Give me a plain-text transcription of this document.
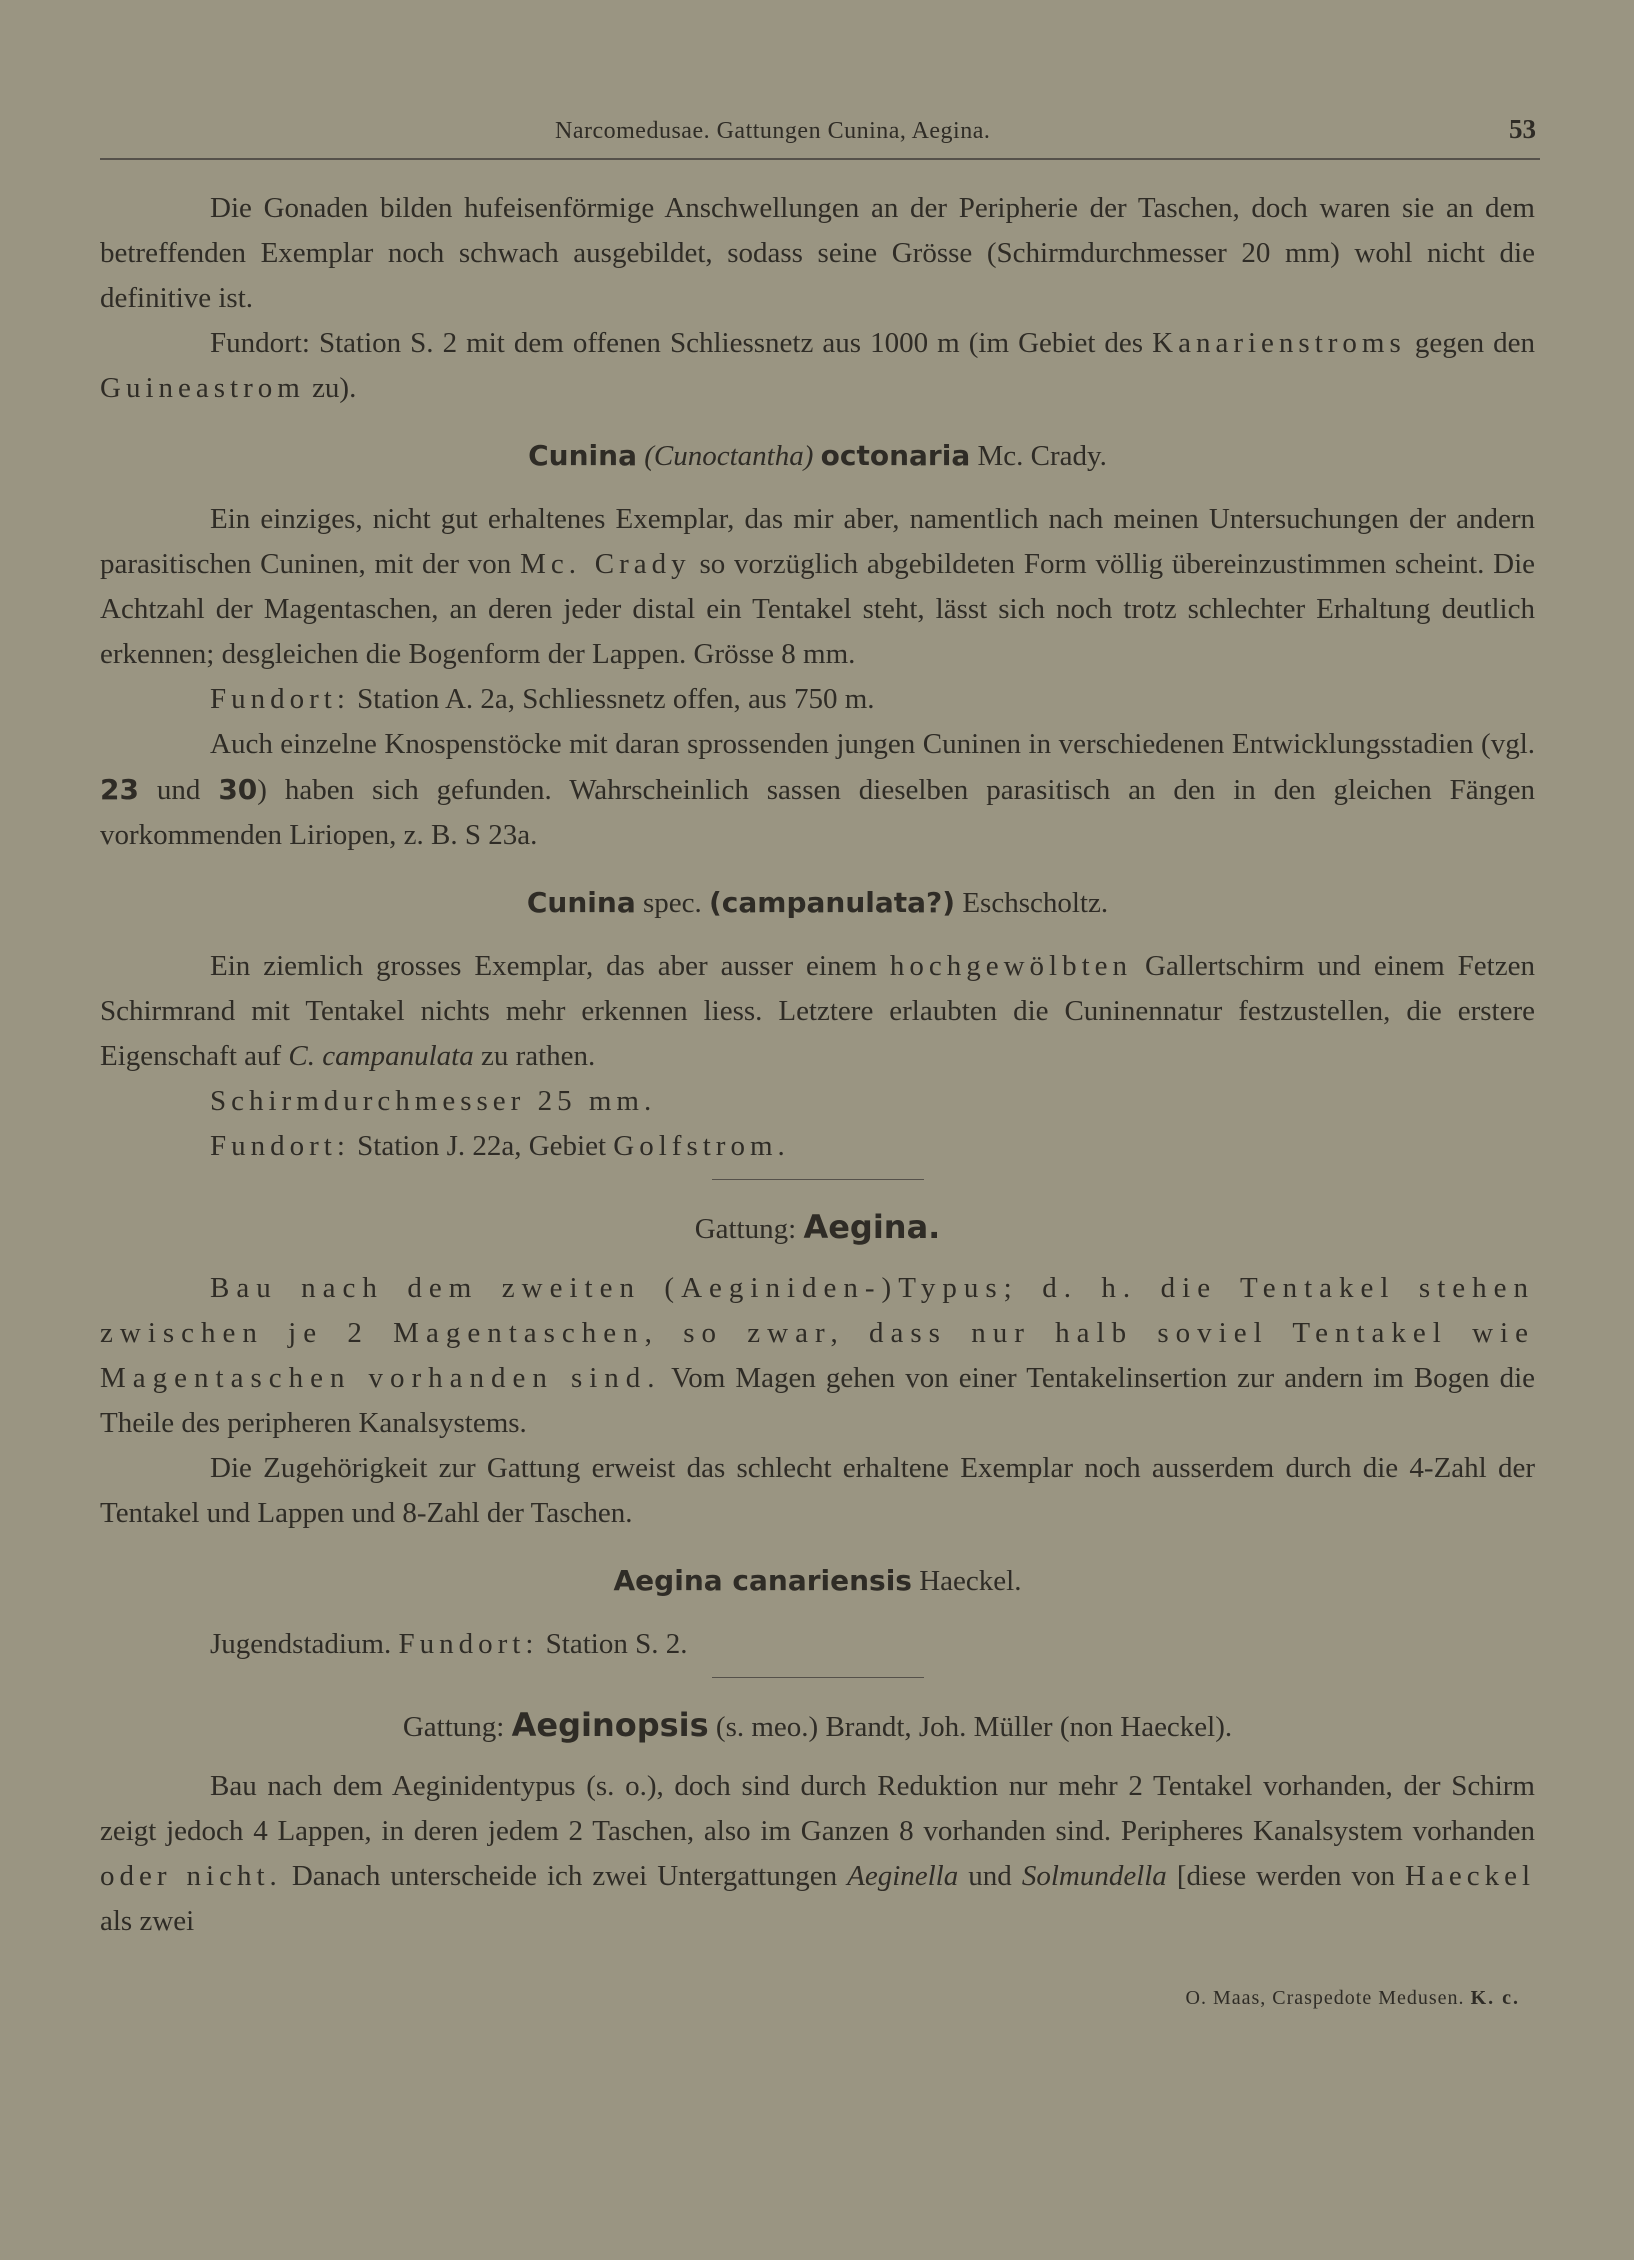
Narcomedusae. Gattungen Cunina, Aegina.	53

Die Gonaden bilden hufeisenförmige Anschwellungen an der Peripherie der Taschen, doch waren sie an dem betreffenden Exemplar noch schwach ausgebildet, sodass seine Grösse (Schirmdurchmesser 20 mm) wohl nicht die definitive ist.

Fundort: Station S. 2 mit dem offenen Schliessnetz aus 1000 m (im Gebiet des Kanarienstroms gegen den Guineastrom zu).

Cunina (Cunoctantha) octonaria Mc. Crady.

Ein einziges, nicht gut erhaltenes Exemplar, das mir aber, namentlich nach meinen Untersuchungen der andern parasitischen Cuninen, mit der von Mc. Crady so vorzüglich abgebildeten Form völlig übereinzustimmen scheint. Die Achtzahl der Magentaschen, an deren jeder distal ein Tentakel steht, lässt sich noch trotz schlechter Erhaltung deutlich erkennen; desgleichen die Bogenform der Lappen. Grösse 8 mm.

Fundort: Station A. 2a, Schliessnetz offen, aus 750 m.

Auch einzelne Knospenstöcke mit daran sprossenden jungen Cuninen in verschiedenen Entwicklungsstadien (vgl. 23 und 30) haben sich gefunden. Wahrscheinlich sassen dieselben parasitisch an den in den gleichen Fängen vorkommenden Liriopen, z. B. S 23a.

Cunina spec. (campanulata?) Eschscholtz.

Ein ziemlich grosses Exemplar, das aber ausser einem hochgewölbten Gallertschirm und einem Fetzen Schirmrand mit Tentakel nichts mehr erkennen liess. Letztere erlaubten die Cuninennatur festzustellen, die erstere Eigenschaft auf C. campanulata zu rathen.

Schirmdurchmesser 25 mm.

Fundort: Station J. 22a, Gebiet Golfstrom.

Gattung: Aegina.

Bau nach dem zweiten (Aeginiden-)Typus; d. h. die Tentakel stehen zwischen je 2 Magentaschen, so zwar, dass nur halb soviel Tentakel wie Magentaschen vorhanden sind. Vom Magen gehen von einer Tentakelinsertion zur andern im Bogen die Theile des peripheren Kanalsystems.

Die Zugehörigkeit zur Gattung erweist das schlecht erhaltene Exemplar noch ausserdem durch die 4-Zahl der Tentakel und Lappen und 8-Zahl der Taschen.

Aegina canariensis Haeckel.

Jugendstadium. Fundort: Station S. 2.

Gattung: Aeginopsis (s. meo.) Brandt, Joh. Müller (non Haeckel).

Bau nach dem Aeginidentypus (s. o.), doch sind durch Reduktion nur mehr 2 Tentakel vorhanden, der Schirm zeigt jedoch 4 Lappen, in deren jedem 2 Taschen, also im Ganzen 8 vorhanden sind. Peripheres Kanalsystem vorhanden oder nicht. Danach unterscheide ich zwei Untergattungen Aeginella und Solmundella [diese werden von Haeckel als zwei

O. Maas, Craspedote Medusen. K. c.
